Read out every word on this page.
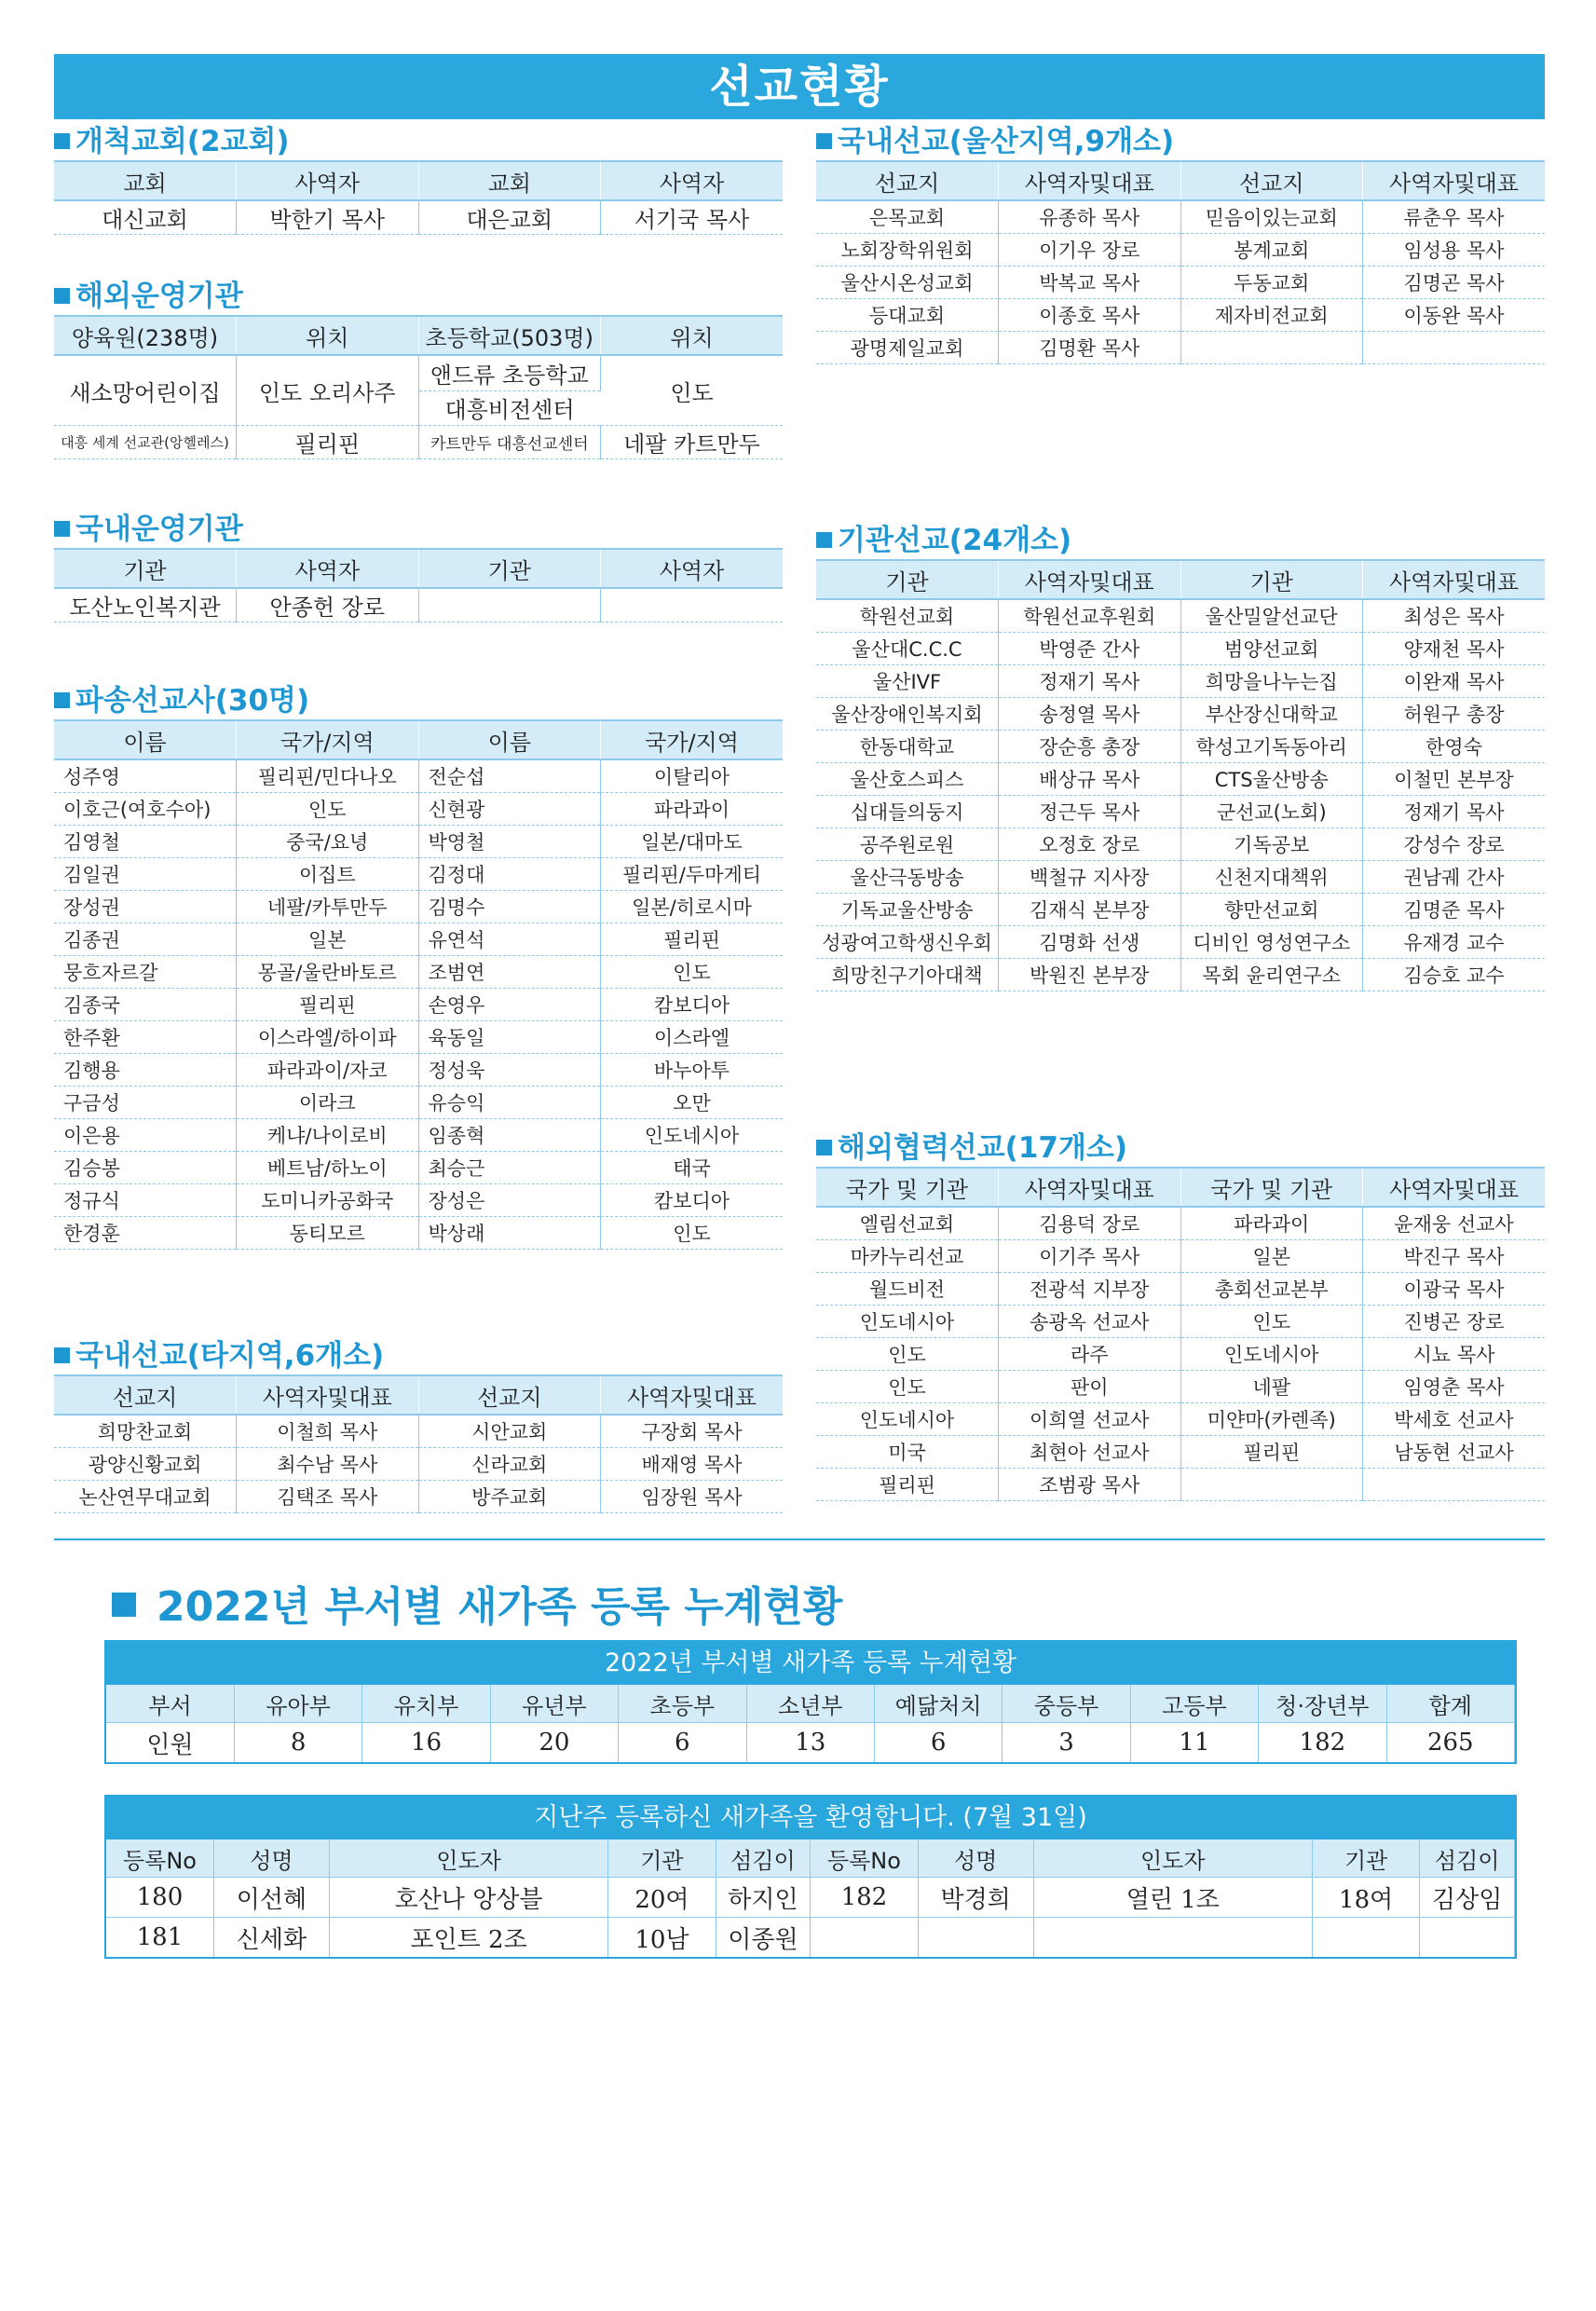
선교현황
개척교회(2교회)
교회	사역자	교회	사역자
대신교회	박한기 목사	대은교회	서기국 목사
해외운영기관
양육원(238명)	위치	초등학교(503명)	위치
새소망어린이집	인도 오리사주	앤드류 초등학교	인도
		대흥비전센터	
대흥 세계 선교관(앙헬레스)	필리핀	카트만두 대흥선교센터	네팔 카트만두
국내운영기관
기관	사역자	기관	사역자
도산노인복지관	안종헌 장로		
파송선교사(30명)
이름	국가/지역	이름	국가/지역
성주영	필리핀/민다나오	전순섭	이탈리아
이호근(여호수아)	인도	신현광	파라과이
김영철	중국/요녕	박영철	일본/대마도
김일권	이집트	김정대	필리핀/두마게티
장성권	네팔/카투만두	김명수	일본/히로시마
김종권	일본	유연석	필리핀
뭉흐자르갈	몽골/울란바토르	조범연	인도
김종국	필리핀	손영우	캄보디아
한주환	이스라엘/하이파	육동일	이스라엘
김행용	파라과이/자코	정성욱	바누아투
구금성	이라크	유승익	오만
이은용	케냐/나이로비	임종혁	인도네시아
김승봉	베트남/하노이	최승근	태국
정규식	도미니카공화국	장성은	캄보디아
한경훈	동티모르	박상래	인도
국내선교(타지역,6개소)
선교지	사역자및대표	선교지	사역자및대표
희망찬교회	이철희 목사	시안교회	구장회 목사
광양신황교회	최수남 목사	신라교회	배재영 목사
논산연무대교회	김택조 목사	방주교회	임장원 목사
국내선교(울산지역,9개소)
선교지	사역자및대표	선교지	사역자및대표
은목교회	유종하 목사	믿음이있는교회	류춘우 목사
노회장학위원회	이기우 장로	봉계교회	임성용 목사
울산시온성교회	박복교 목사	두동교회	김명곤 목사
등대교회	이종호 목사	제자비전교회	이동완 목사
광명제일교회	김명환 목사		
기관선교(24개소)
기관	사역자및대표	기관	사역자및대표
학원선교회	학원선교후원회	울산밀알선교단	최성은 목사
울산대C.C.C	박영준 간사	범양선교회	양재천 목사
울산IVF	정재기 목사	희망을나누는집	이완재 목사
울산장애인복지회	송정열 목사	부산장신대학교	허원구 총장
한동대학교	장순흥 총장	학성고기독동아리	한영숙
울산호스피스	배상규 목사	CTS울산방송	이철민 본부장
십대들의둥지	정근두 목사	군선교(노회)	정재기 목사
공주원로원	오정호 장로	기독공보	강성수 장로
울산극동방송	백철규 지사장	신천지대책위	권남궤 간사
기독교울산방송	김재식 본부장	향만선교회	김명준 목사
성광여고학생신우회	김명화 선생	디비인 영성연구소	유재경 교수
희망친구기아대책	박원진 본부장	목회 윤리연구소	김승호 교수
해외협력선교(17개소)
국가 및 기관	사역자및대표	국가 및 기관	사역자및대표
엘림선교회	김용덕 장로	파라과이	윤재웅 선교사
마카누리선교	이기주 목사	일본	박진구 목사
월드비전	전광석 지부장	총회선교본부	이광국 목사
인도네시아	송광옥 선교사	인도	진병곤 장로
인도	라주	인도네시아	시뇨 목사
인도	판이	네팔	임영춘 목사
인도네시아	이희열 선교사	미얀마(카렌족)	박세호 선교사
미국	최현아 선교사	필리핀	남동현 선교사
필리핀	조범광 목사		
2022년 부서별 새가족 등록 누계현황
2022년 부서별 새가족 등록 누계현황
부서	유아부	유치부	유년부	초등부	소년부	예닮처치	중등부	고등부	청·장년부	합계
인원	8	16	20	6	13	6	3	11	182	265
지난주 등록하신 새가족을 환영합니다. (7월 31일)
등록No	성명	인도자	기관	섬김이	등록No	성명	인도자	기관	섬김이
180	이선혜	호산나 앙상블	20여	하지인	182	박경희	열린 1조	18여	김상임
181	신세화	포인트 2조	10남	이종원					
